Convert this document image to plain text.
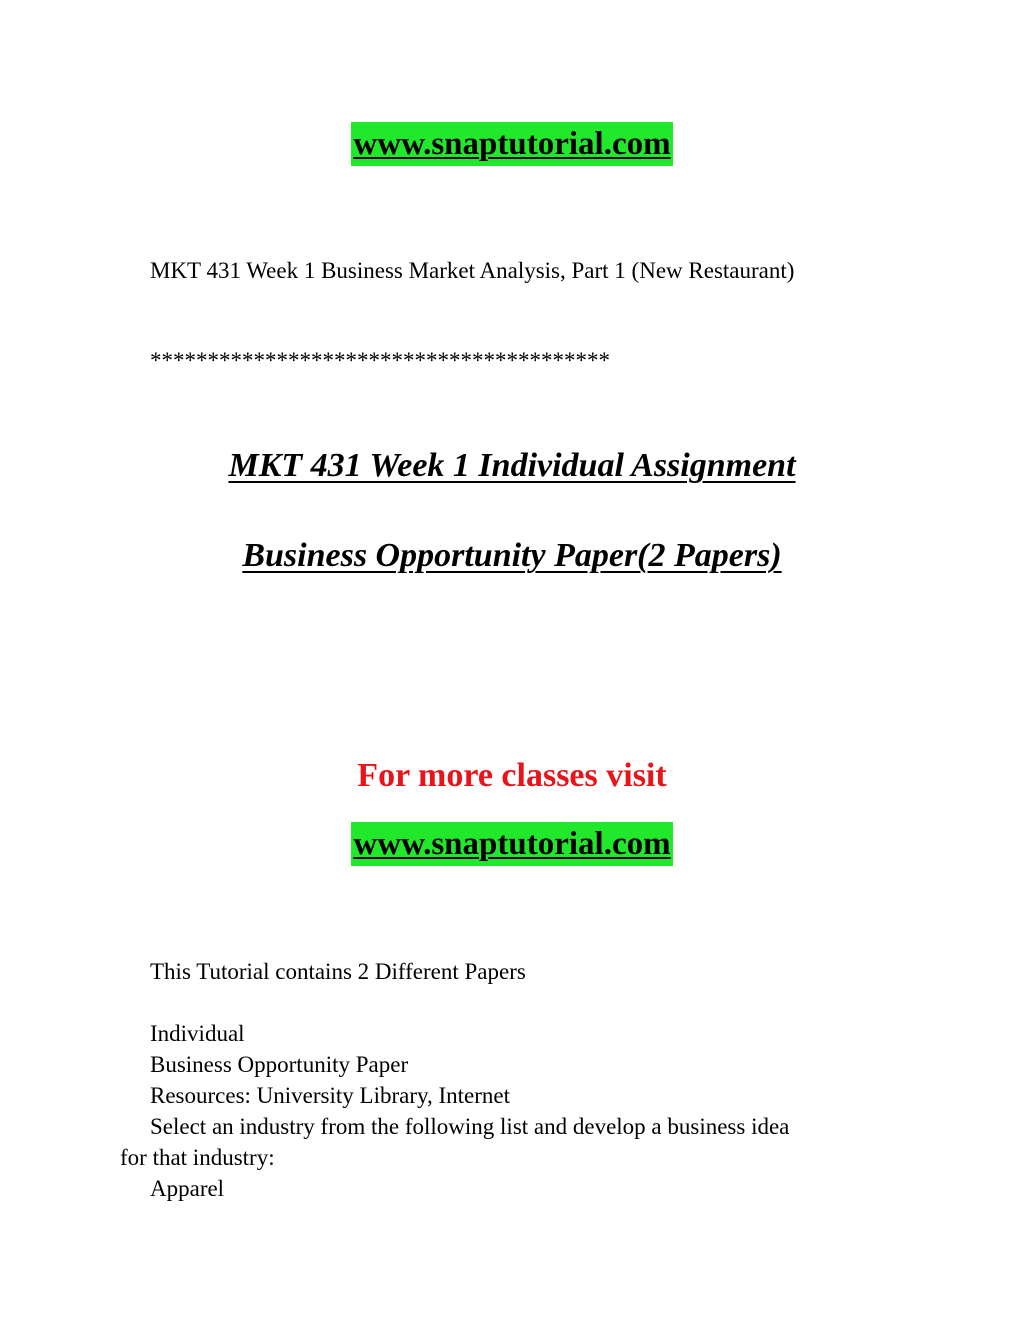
www.snaptutorial.com
MKT 431 Week 1 Business Market Analysis, Part 1 (New Restaurant)
****************************************
MKT 431 Week 1 Individual Assignment
Business Opportunity Paper(2 Papers)
For more classes visit
www.snaptutorial.com
This Tutorial contains 2 Different Papers
Individual
Business Opportunity Paper
Resources: University Library, Internet
Select an industry from the following list and develop a business idea
for that industry:
Apparel
